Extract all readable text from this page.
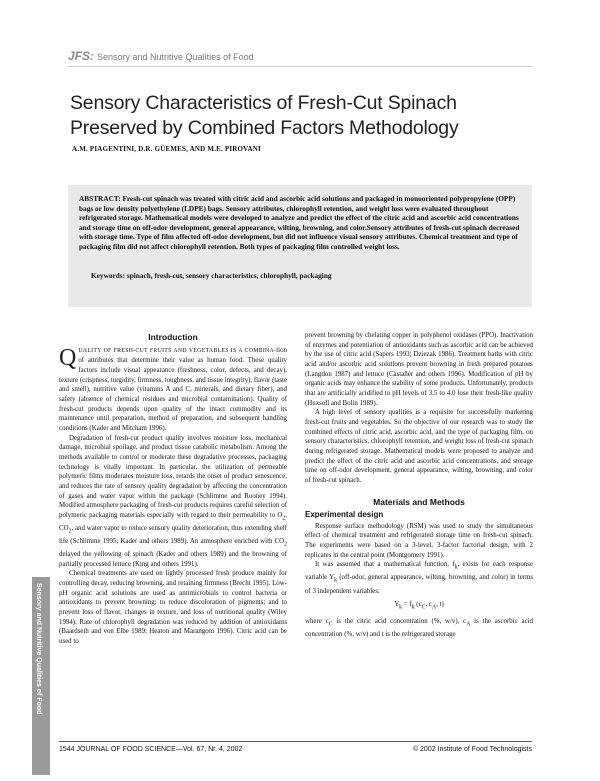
JFS: Sensory and Nutritive Qualities of Food
Sensory Characteristics of Fresh-Cut Spinach Preserved by Combined Factors Methodology
A.M. PIAGENTINI, D.R. GÜEMES, AND M.E. PIROVANI

ABSTRACT: Fresh-cut spinach was treated with citric acid and ascorbic acid solutions and packaged in monooriented polypropylene (OPP) bags or low density polyethylene (LDPE) bags. Sensory attributes, chlorophyll retention, and weight loss were evaluated throughout refrigerated storage. Mathematical models were developed to analyze and predict the effect of the citric acid and ascorbic acid concentrations and storage time on off-odor development, general appearance, wilting, browning, and color.Sensory attributes of fresh-cut spinach decreased with storage time. Type of film affected off-odor development, but did not influence visual sensory attributes. Chemical treatment and type of packaging film did not affect chlorophyll retention. Both types of packaging film controlled weight loss.

Keywords: spinach, fresh-cut, sensory characteristics, chlorophyll, packaging

Introduction

QUALITY OF FRESH-CUT FRUITS AND VEGETABLES IS A COMBINA-tion of attributes that determine their value as human food. These quality factors include visual appearance (freshness, color, defects, and decay), texture (crispness, turgidity, firmness, toughness, and tissue integrity), flavor (taste and smell), nutritive value (vitamins A and C, minerals, and dietary fiber), and safety (absence of chemical residues and microbial contamination). Quality of fresh-cut products depends upon quality of the intact commodity and its maintenance until preparation, method of preparation, and subsequent handling conditions (Kader and Mitcham 1996).

Degradation of fresh-cut product quality involves moisture loss, mechanical damage, microbial spoilage, and product tissue catabolic metabolism. Among the methods available to control or moderate these degradative processes, packaging technology is vitally important. In particular, the utilization of permeable polymeric films moderates moisture loss, retards the onset of product senescence, and reduces the rate of sensory quality degradation by affecting the concentration of gases and water vapor within the package (Schlimme and Rooney 1994). Modified atmosphere packaging of fresh-cut products requires careful selection of polymeric packaging materials especially with regard to their permeability to $O_2$, $CO_2$, and water vapor to reduce sensory quality deterioration, thus extending shelf life (Schlimme 1995; Kader and others 1989). An atmosphere enriched with $CO_2$ delayed the yellowing of spinach (Kader and others 1989) and the browning of partially processed lettuce (King and others 1991).

Chemical treatments are used on lightly processed fresh produce mainly for controlling decay, reducing browning, and retaining firmness (Brecht 1995). Low-pH organic acid solutions are used as antimicrobials to control bacteria or antioxidants to prevent browning; to reduce discoloration of pigments; and to prevent loss of flavor, changes in texture, and loss of nutritional quality (Wiley 1994). Rate of chlorophyll degradation was reduced by addition of antioxidants (Baardseth and von Elbe 1989; Heaton and Marangoni 1996). Citric acid can be used to

prevent browning by chelating copper in polyphenol oxidases (PPO). Inactivation of enzymes and potentiation of antioxidants such as ascorbic acid can be achieved by the use of citric acid (Sapers 1993; Dziezak 1986). Treatment baths with citric acid and/or ascorbic acid solutions prevent browning in fresh prepared potatoes (Langdon 1987) and lettuce (Castañer and others 1996). Modification of pH by organic acids may enhance the stability of some products. Unfortunately, products that are artificially acidified to pH levels of 3.5 to 4.0 lose their fresh-like quality (Huxsoll and Bolin 1989).

A high level of sensory qualities is a requisite for successfully marketing fresh-cut fruits and vegetables. So the objective of our research was to study the combined effects of citric acid, ascorbic acid, and the type of packaging film, on sensory characteristics, chlorophyll retention, and weight loss of fresh-cut spinach during refrigerated storage. Mathematical models were proposed to analyze and predict the effect of the citric acid and ascorbic acid concentrations, and storage time on off-odor development, general appearance, wilting, browning, and color of fresh-cut spinach.

Materials and Methods
Experimental design

Response surface methodology (RSM) was used to study the simultaneous effect of chemical treatment and refrigerated storage time on fresh-cut spinach. The experiments were based on a 3-level, 3-factor factorial design, with 2 replicates in the central point (Montgomery 1991).

It was assumed that a mathematical function, $f_k$, exists for each response variable $Y_k$ (off-odor, general appearance, wilting, browning, and color) in terms of 3 independent variables:

$Y_k = f_k$ ($c_C$, $c_A$, t)

where $c_C$ is the citric acid concentration (%, w/v), $c_A$ is the ascorbic acid concentration (%, w/v) and t is the refrigerated storage

Sensory and Nutritive Qualities of Food
1544 JOURNAL OF FOOD SCIENCE—Vol. 67, Nr. 4, 2002	© 2002 Institute of Food Technologists
